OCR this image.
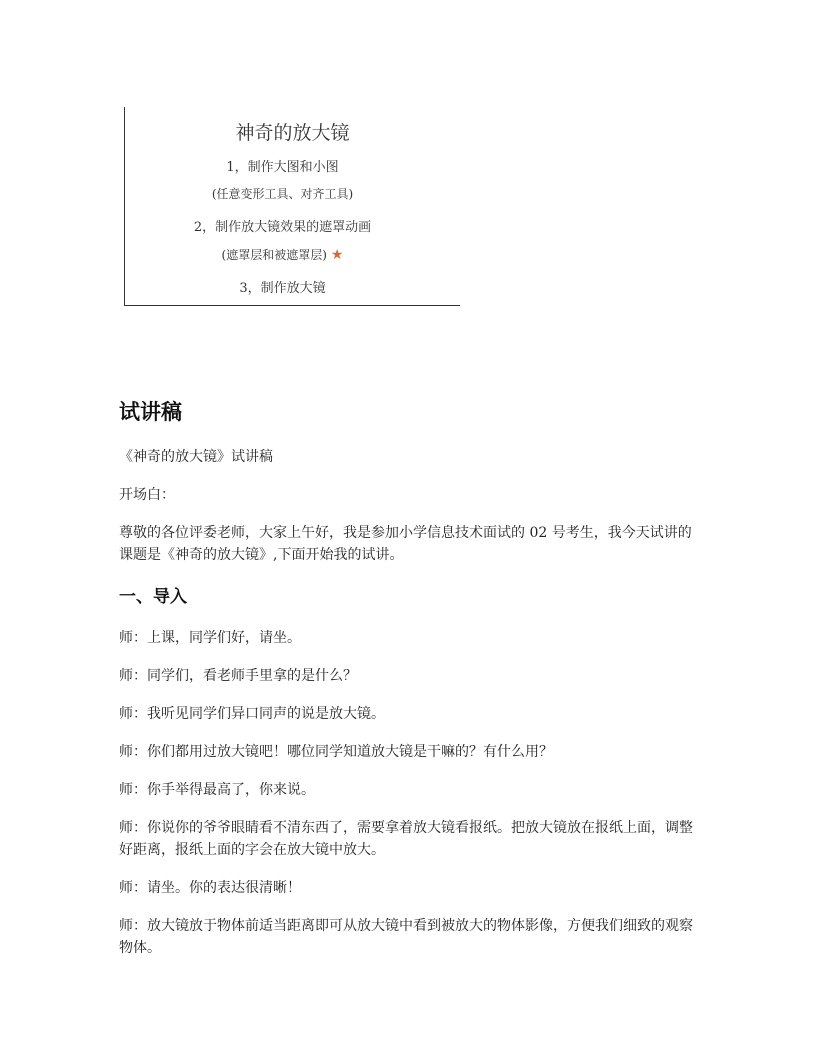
神奇的放大镜
1，制作大图和小图
(任意变形工具、对齐工具)
2，制作放大镜效果的遮罩动画
(遮罩层和被遮罩层) ★
3，制作放大镜
试讲稿

《神奇的放大镜》试讲稿

开场白：

尊敬的各位评委老师，大家上午好，我是参加小学信息技术面试的 02 号考生，我今天试讲的课题是《神奇的放大镜》,下面开始我的试讲。

一、导入

师：上课，同学们好，请坐。

师：同学们，看老师手里拿的是什么？

师：我听见同学们异口同声的说是放大镜。

师：你们都用过放大镜吧！哪位同学知道放大镜是干嘛的？有什么用？

师：你手举得最高了，你来说。

师：你说你的爷爷眼睛看不清东西了，需要拿着放大镜看报纸。把放大镜放在报纸上面，调整好距离，报纸上面的字会在放大镜中放大。

师：请坐。你的表达很清晰！

师：放大镜放于物体前适当距离即可从放大镜中看到被放大的物体影像，方便我们细致的观察物体。
